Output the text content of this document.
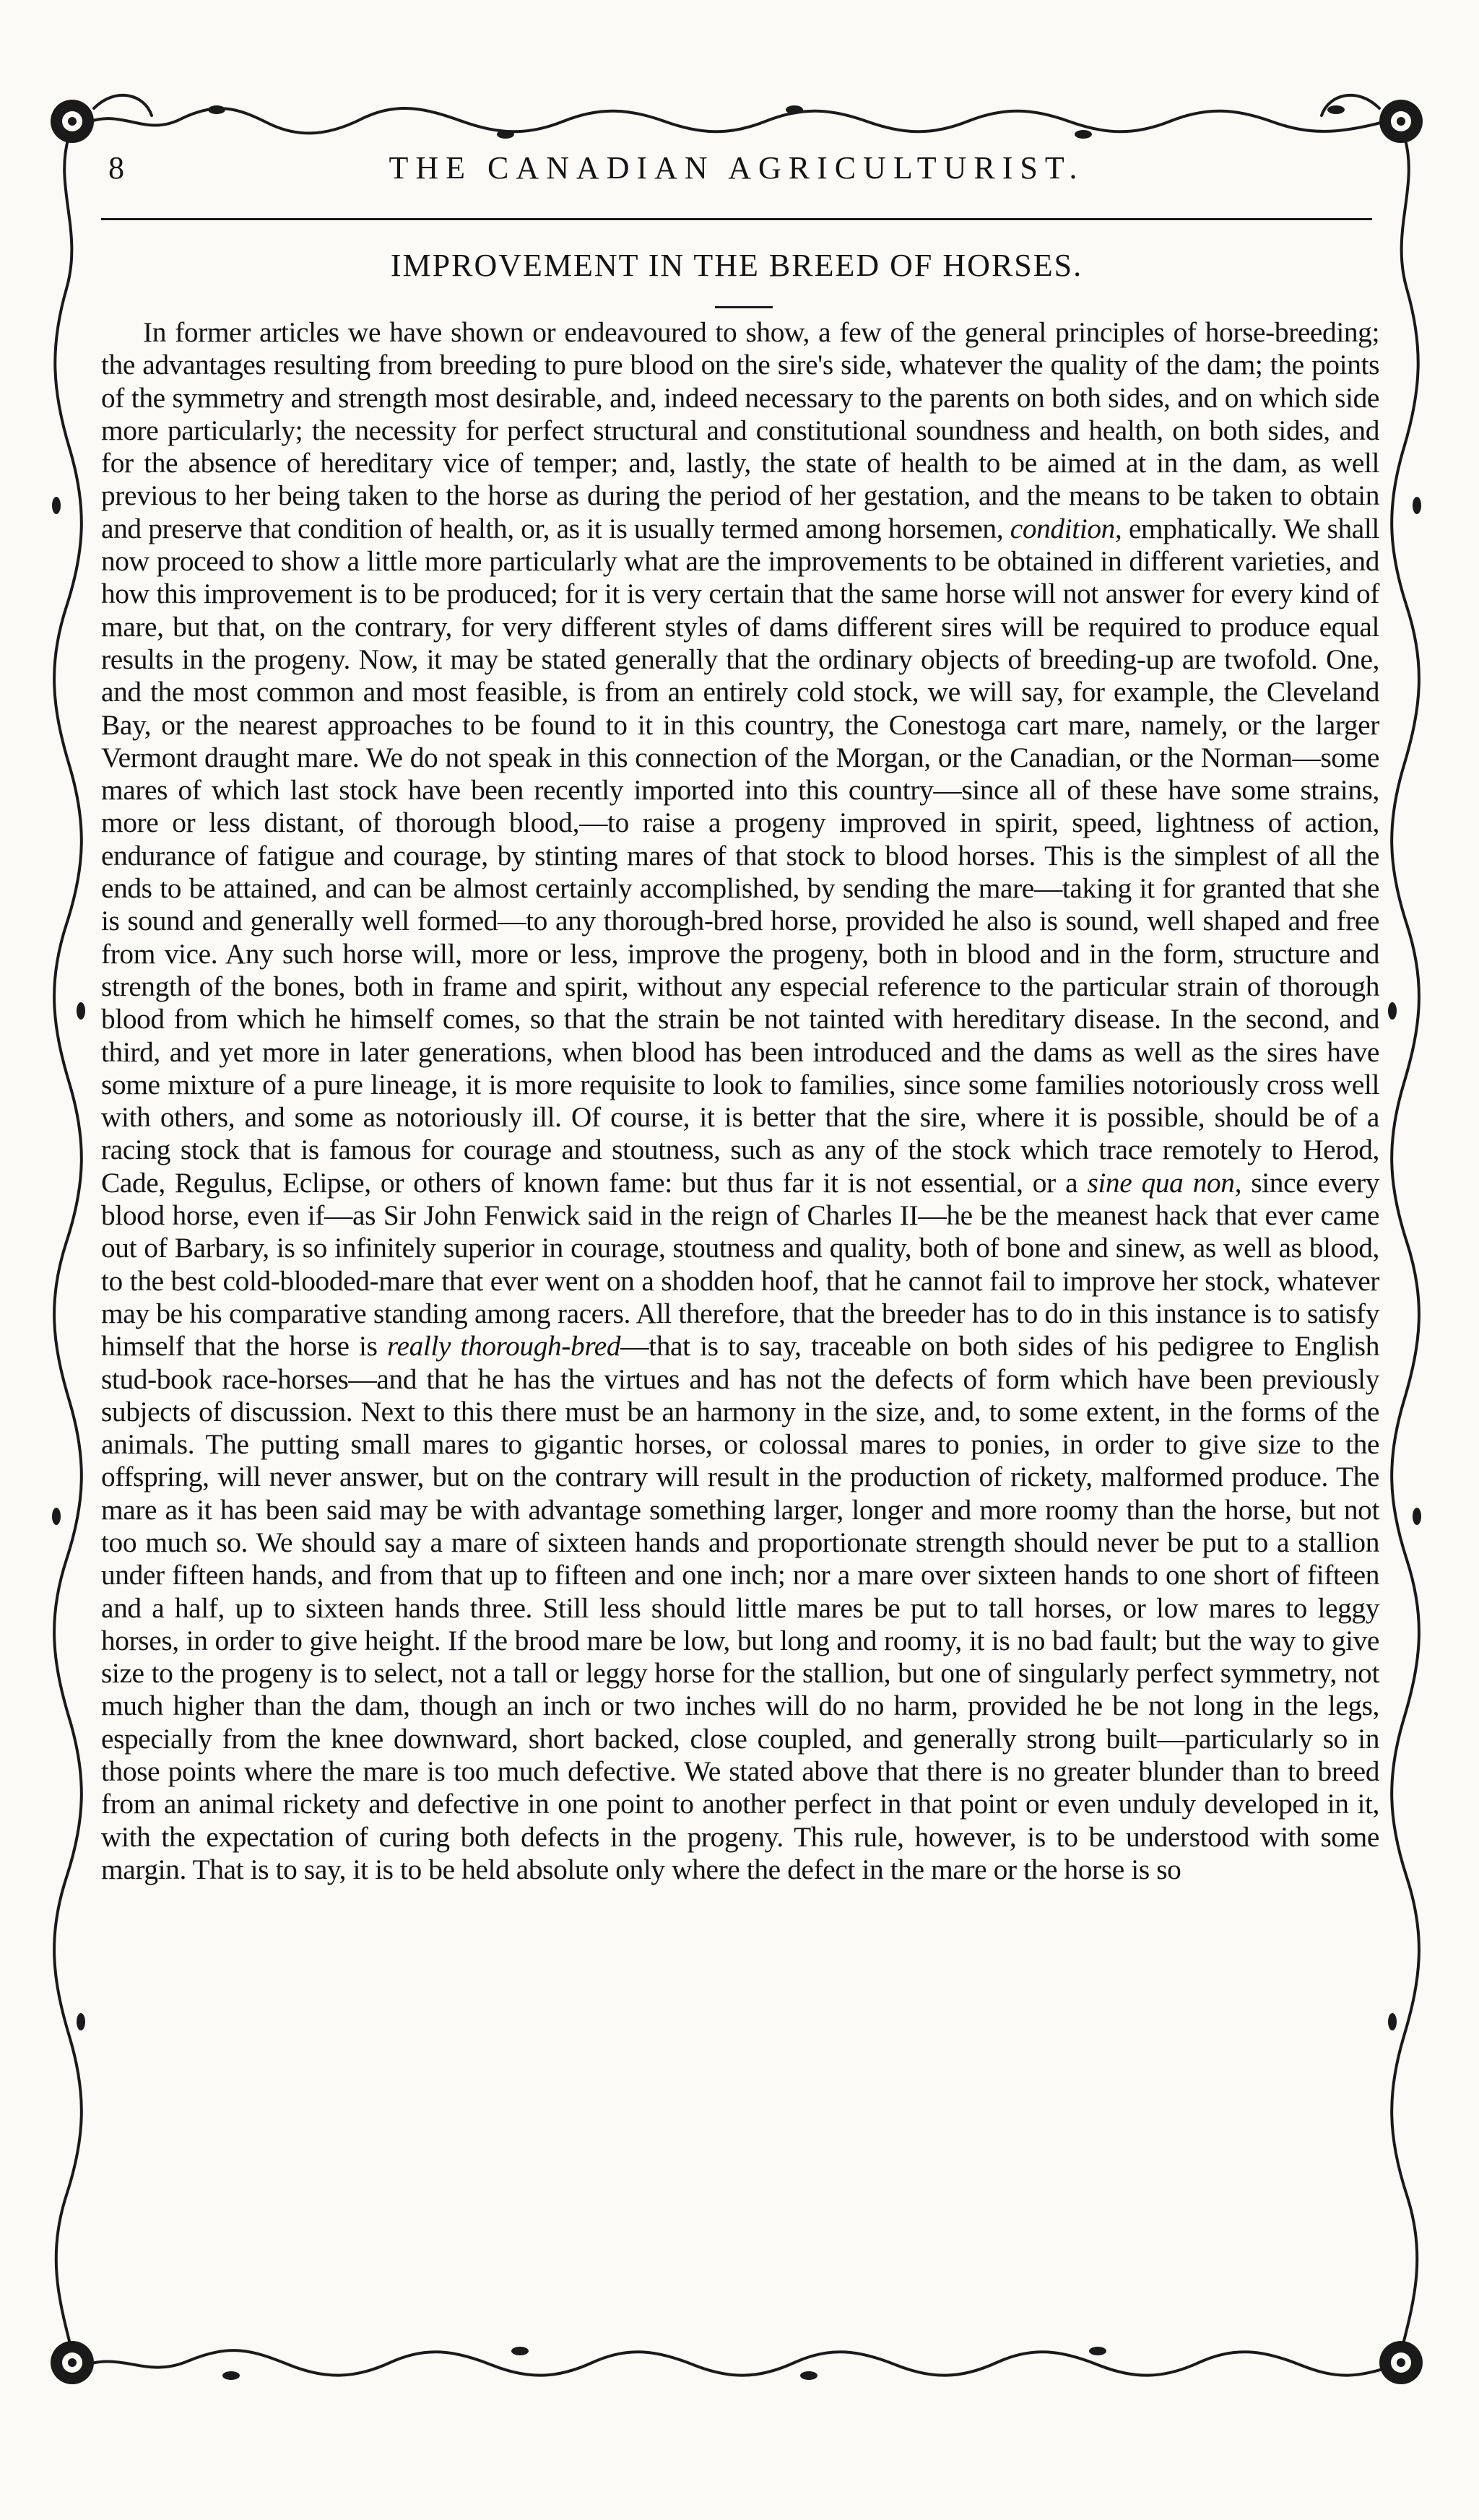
8	THE CANADIAN AGRICULTURIST.
IMPROVEMENT IN THE BREED OF HORSES.

In former articles we have shown or endeavoured to show, a few of the general principles of horse-breeding; the advantages resulting from breeding to pure blood on the sire's side, whatever the quality of the dam; the points of the symmetry and strength most desirable, and, indeed necessary to the parents on both sides, and on which side more particularly; the necessity for perfect structural and constitutional soundness and health, on both sides, and for the absence of hereditary vice of temper; and, lastly, the state of health to be aimed at in the dam, as well previous to her being taken to the horse as during the period of her gestation, and the means to be taken to obtain and preserve that condition of health, or, as it is usually termed among horsemen, condition, emphatically. We shall now proceed to show a little more particularly what are the improvements to be obtained in different varieties, and how this improvement is to be produced; for it is very certain that the same horse will not answer for every kind of mare, but that, on the contrary, for very different styles of dams different sires will be required to produce equal results in the progeny. Now, it may be stated generally that the ordinary objects of breeding-up are twofold. One, and the most common and most feasible, is from an entirely cold stock, we will say, for example, the Cleveland Bay, or the nearest approaches to be found to it in this country, the Conestoga cart mare, namely, or the larger Vermont draught mare. We do not speak in this connection of the Morgan, or the Canadian, or the Norman—some mares of which last stock have been recently imported into this country—since all of these have some strains, more or less distant, of thorough blood,—to raise a progeny improved in spirit, speed, lightness of action, endurance of fatigue and courage, by stinting mares of that stock to blood horses. This is the simplest of all the ends to be attained, and can be almost certainly accomplished, by sending the mare—taking it for granted that she is sound and generally well formed—to any thorough-bred horse, provided he also is sound, well shaped and free from vice. Any such horse will, more or less, improve the progeny, both in blood and in the form, structure and strength of the bones, both in frame and spirit, without any especial reference to the particular strain of thorough blood from which he himself comes, so that the strain be not tainted with hereditary disease. In the second, and third, and yet more in later generations, when blood has been introduced and the dams as well as the sires have some mixture of a pure lineage, it is more requisite to look to families, since some families notoriously cross well with others, and some as notoriously ill. Of course, it is better that the sire, where it is possible, should be of a racing stock that is famous for courage and stoutness, such as any of the stock which trace remotely to Herod, Cade, Regulus, Eclipse, or others of known fame: but thus far it is not essential, or a sine qua non, since every blood horse, even if—as Sir John Fenwick said in the reign of Charles II—he be the meanest hack that ever came out of Barbary, is so infinitely superior in courage, stoutness and quality, both of bone and sinew, as well as blood, to the best cold-blooded-mare that ever went on a shodden hoof, that he cannot fail to improve her stock, whatever may be his comparative standing among racers. All therefore, that the breeder has to do in this instance is to satisfy himself that the horse is really thorough-bred—that is to say, traceable on both sides of his pedigree to English stud-book race-horses—and that he has the virtues and has not the defects of form which have been previously subjects of discussion. Next to this there must be an harmony in the size, and, to some extent, in the forms of the animals. The putting small mares to gigantic horses, or colossal mares to ponies, in order to give size to the offspring, will never answer, but on the contrary will result in the production of rickety, malformed produce. The mare as it has been said may be with advantage something larger, longer and more roomy than the horse, but not too much so. We should say a mare of sixteen hands and proportionate strength should never be put to a stallion under fifteen hands, and from that up to fifteen and one inch; nor a mare over sixteen hands to one short of fifteen and a half, up to sixteen hands three. Still less should little mares be put to tall horses, or low mares to leggy horses, in order to give height. If the brood mare be low, but long and roomy, it is no bad fault; but the way to give size to the progeny is to select, not a tall or leggy horse for the stallion, but one of singularly perfect symmetry, not much higher than the dam, though an inch or two inches will do no harm, provided he be not long in the legs, especially from the knee downward, short backed, close coupled, and generally strong built—particularly so in those points where the mare is too much defective. We stated above that there is no greater blunder than to breed from an animal rickety and defective in one point to another perfect in that point or even unduly developed in it, with the expectation of curing both defects in the progeny. This rule, however, is to be understood with some margin. That is to say, it is to be held absolute only where the defect in the mare or the horse is so
